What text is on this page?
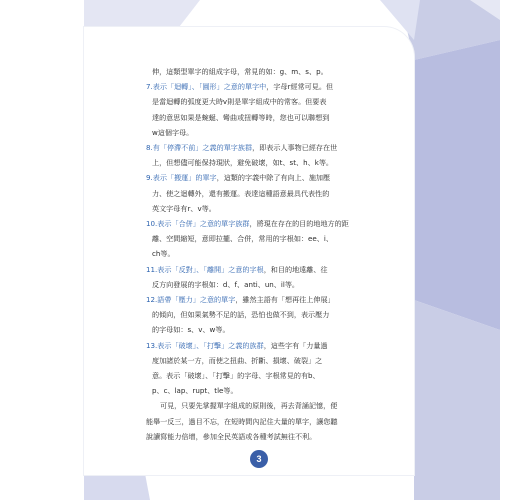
伸，這類型單字的組成字母，常見的如：g、m、s、p。

7.表示「迴轉」、「圓形」之意的單字中，字母r經常可見。但

是當迴轉的弧度更大時v則是單字組成中的常客。但要表

達的意思如果是蜿蜒、彎曲或扭轉等時，您也可以聯想到

w這個字母。

8.有「停滯不前」之義的單字族群，即表示人事物已經存在世

上，但想儘可能保持現狀，避免破壞，如t、st、h、k等。

9.表示「搬運」的單字，這類的字義中除了有向上、施加壓

力、使之迴轉外，還有搬運。表達這種語意最具代表性的

英文字母有r、v等。

10.表示「合併」之意的單字族群，將現在存在的目的地地方的距

離、空間縮短，意即拉攏、合併，常用的字根如：ee、i、

ch等。

11.表示「反對」、「離開」之意的字根，和目的地遠離、往

反方向發展的字根如：d、f、anti、un、il等。

12.語帶「壓力」之意的單字，雖然主語有「想再往上伸展」

的傾向，但如果氣勢不足的話，恐怕也做不到，表示壓力

的字母如：s、v、w等。

13.表示「破壞」、「打擊」之義的族群，這些字有「力量過

度加諸於某一方，而使之扭曲、折斷、損壞、破裂」之

意。表示「破壞」、「打擊」的字母、字根常見的有b、

p、c、lap、rupt、tle等。

可見，只要先掌握單字組成的原則後，再去背誦記憶，便

能舉一反三，過目不忘，在短時間內記住大量的單字，讓您聽

說讀寫能力倍增，參加全民英語或各種考試無往不利。

3
